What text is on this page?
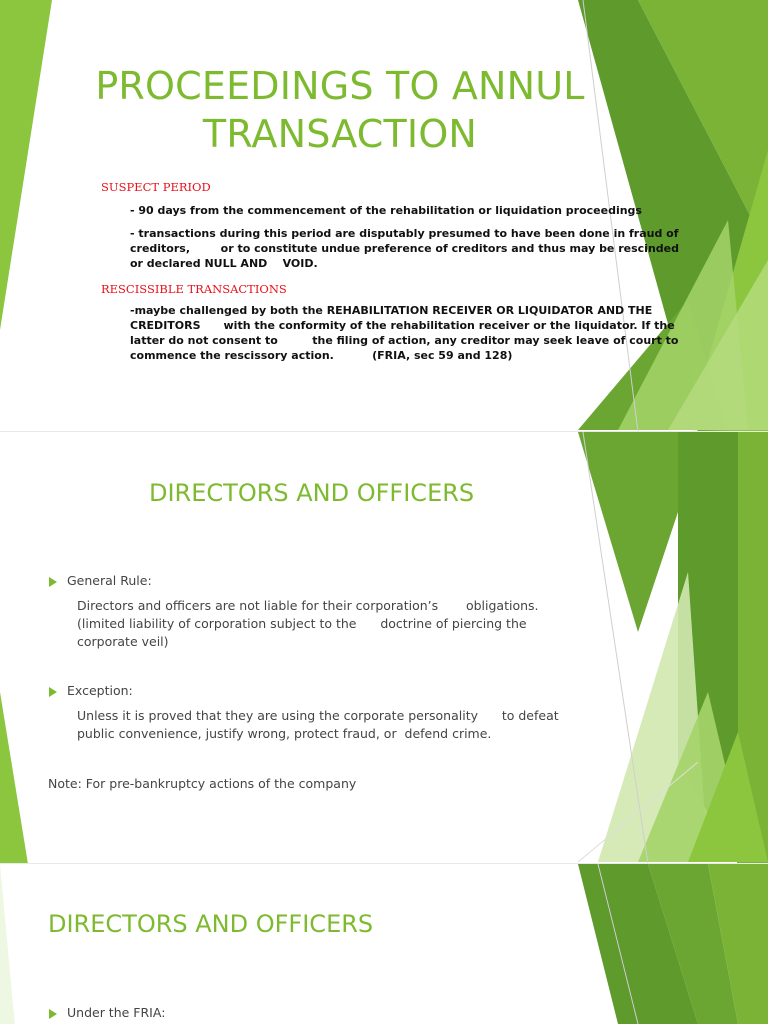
PROCEEDINGS TO ANNUL
TRANSACTION
SUSPECT PERIOD
- 90 days from the commencement of the rehabilitation or liquidation proceedings
- transactions during this period are disputably presumed to have been done in fraud of
creditors,        or to constitute undue preference of creditors and thus may be rescinded
or declared NULL AND    VOID.
RESCISSIBLE TRANSACTIONS
-maybe challenged by both the REHABILITATION RECEIVER OR LIQUIDATOR AND THE
CREDITORS      with the conformity of the rehabilitation receiver or the liquidator. If the
latter do not consent to         the filing of action, any creditor may seek leave of court to
commence the rescissory action.          (FRIA, sec 59 and 128)
DIRECTORS AND OFFICERS
General Rule:
Directors and officers are not liable for their corporation’s       obligations.
(limited liability of corporation subject to the      doctrine of piercing the
corporate veil)
Exception:
Unless it is proved that they are using the corporate personality      to defeat
public convenience, justify wrong, protect fraud, or  defend crime.
Note: For pre-bankruptcy actions of the company
DIRECTORS AND OFFICERS
Under the FRIA:
